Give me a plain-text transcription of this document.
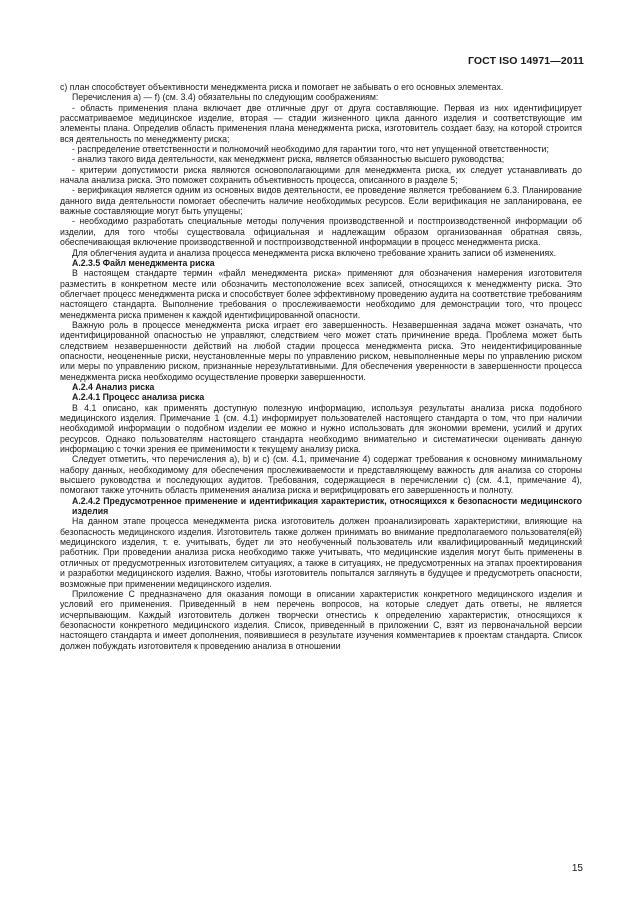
ГОСТ ISO 14971—2011

с) план способствует объективности менеджмента риска и помогает не забывать о его основных элементах.

Перечисления а) — f) (см. 3.4) обязательны по следующим соображениям:

- область применения плана включает две отличные друг от друга составляющие. Первая из них идентифицирует рассматриваемое медицинское изделие, вторая — стадии жизненного цикла данного изделия и соответствующие им элементы плана. Определив область применения плана менеджмента риска, изготовитель создает базу, на которой строится вся деятельность по менеджменту риска;

- распределение ответственности и полномочий необходимо для гарантии того, что нет упущенной ответственности;

- анализ такого вида деятельности, как менеджмент риска, является обязанностью высшего руководства;

- критерии допустимости риска являются основополагающими для менеджмента риска, их следует устанавливать до начала анализа риска. Это поможет сохранить объективность процесса, описанного в разделе 5;

- верификация является одним из основных видов деятельности, ее проведение является требованием 6.3. Планирование данного вида деятельности помогает обеспечить наличие необходимых ресурсов. Если верификация не запланирована, ее важные составляющие могут быть упущены;

- необходимо разработать специальные методы получения производственной и постпроизводственной информации об изделии, для того чтобы существовала официальная и надлежащим образом организованная обратная связь, обеспечивающая включение производственной и постпроизводственной информации в процесс менеджмента риска.

Для облегчения аудита и анализа процесса менеджмента риска включено требование хранить записи об изменениях.

А.2.3.5 Файл менеджмента риска

В настоящем стандарте термин «файл менеджмента риска» применяют для обозначения намерения изготовителя разместить в конкретном месте или обозначить местоположение всех записей, относящихся к менеджменту риска. Это облегчает процесс менеджмента риска и способствует более эффективному проведению аудита на соответствие требованиям настоящего стандарта. Выполнение требования о прослеживаемости необходимо для демонстрации того, что процесс менеджмента риска применен к каждой идентифицированной опасности.

Важную роль в процессе менеджмента риска играет его завершенность. Незавершенная задача может означать, что идентифицированной опасностью не управляют, следствием чего может стать причинение вреда. Проблема может быть следствием незавершенности действий на любой стадии процесса менеджмента риска. Это неидентифицированные опасности, неоцененные риски, неустановленные меры по управлению риском, невыполненные меры по управлению риском или меры по управлению риском, признанные нерезультативными. Для обеспечения уверенности в завершенности процесса менеджмента риска необходимо осуществление проверки завершенности.

А.2.4 Анализ риска
А.2.4.1 Процесс анализа риска

В 4.1 описано, как применять доступную полезную информацию, используя результаты анализа риска подобного медицинского изделия. Примечание 1 (см. 4.1) информирует пользователей настоящего стандарта о том, что при наличии необходимой информации о подобном изделии ее можно и нужно использовать для экономии времени, усилий и других ресурсов. Однако пользователям настоящего стандарта необходимо внимательно и систематически оценивать данную информацию с точки зрения ее применимости к текущему анализу риска.

Следует отметить, что перечисления а), b) и c) (см. 4.1, примечание 4) содержат требования к основному минимальному набору данных, необходимому для обеспечения прослеживаемости и представляющему важность для анализа со стороны высшего руководства и последующих аудитов. Требования, содержащиеся в перечислении с) (см. 4.1, примечание 4), помогают также уточнить область применения анализа риска и верифицировать его завершенность и полноту.

А.2.4.2 Предусмотренное применение и идентификация характеристик, относящихся к безопасности медицинского изделия

На данном этапе процесса менеджмента риска изготовитель должен проанализировать характеристики, влияющие на безопасность медицинского изделия. Изготовитель также должен принимать во внимание предполагаемого пользователя(ей) медицинского изделия, т. е. учитывать, будет ли это необученный пользователь или квалифицированный медицинский работник. При проведении анализа риска необходимо также учитывать, что медицинские изделия могут быть применены в отличных от предусмотренных изготовителем ситуациях, а также в ситуациях, не предусмотренных на этапах проектирования и разработки медицинского изделия. Важно, чтобы изготовитель попытался заглянуть в будущее и предусмотреть опасности, возможные при применении медицинского изделия.

Приложение С предназначено для оказания помощи в описании характеристик конкретного медицинского изделия и условий его применения. Приведенный в нем перечень вопросов, на которые следует дать ответы, не является исчерпывающим. Каждый изготовитель должен творчески отнестись к определению характеристик, относящихся к безопасности конкретного медицинского изделия. Список, приведенный в приложении С, взят из первоначальной версии настоящего стандарта и имеет дополнения, появившиеся в результате изучения комментариев к проектам стандарта. Список должен побуждать изготовителя к проведению анализа в отношении

15
